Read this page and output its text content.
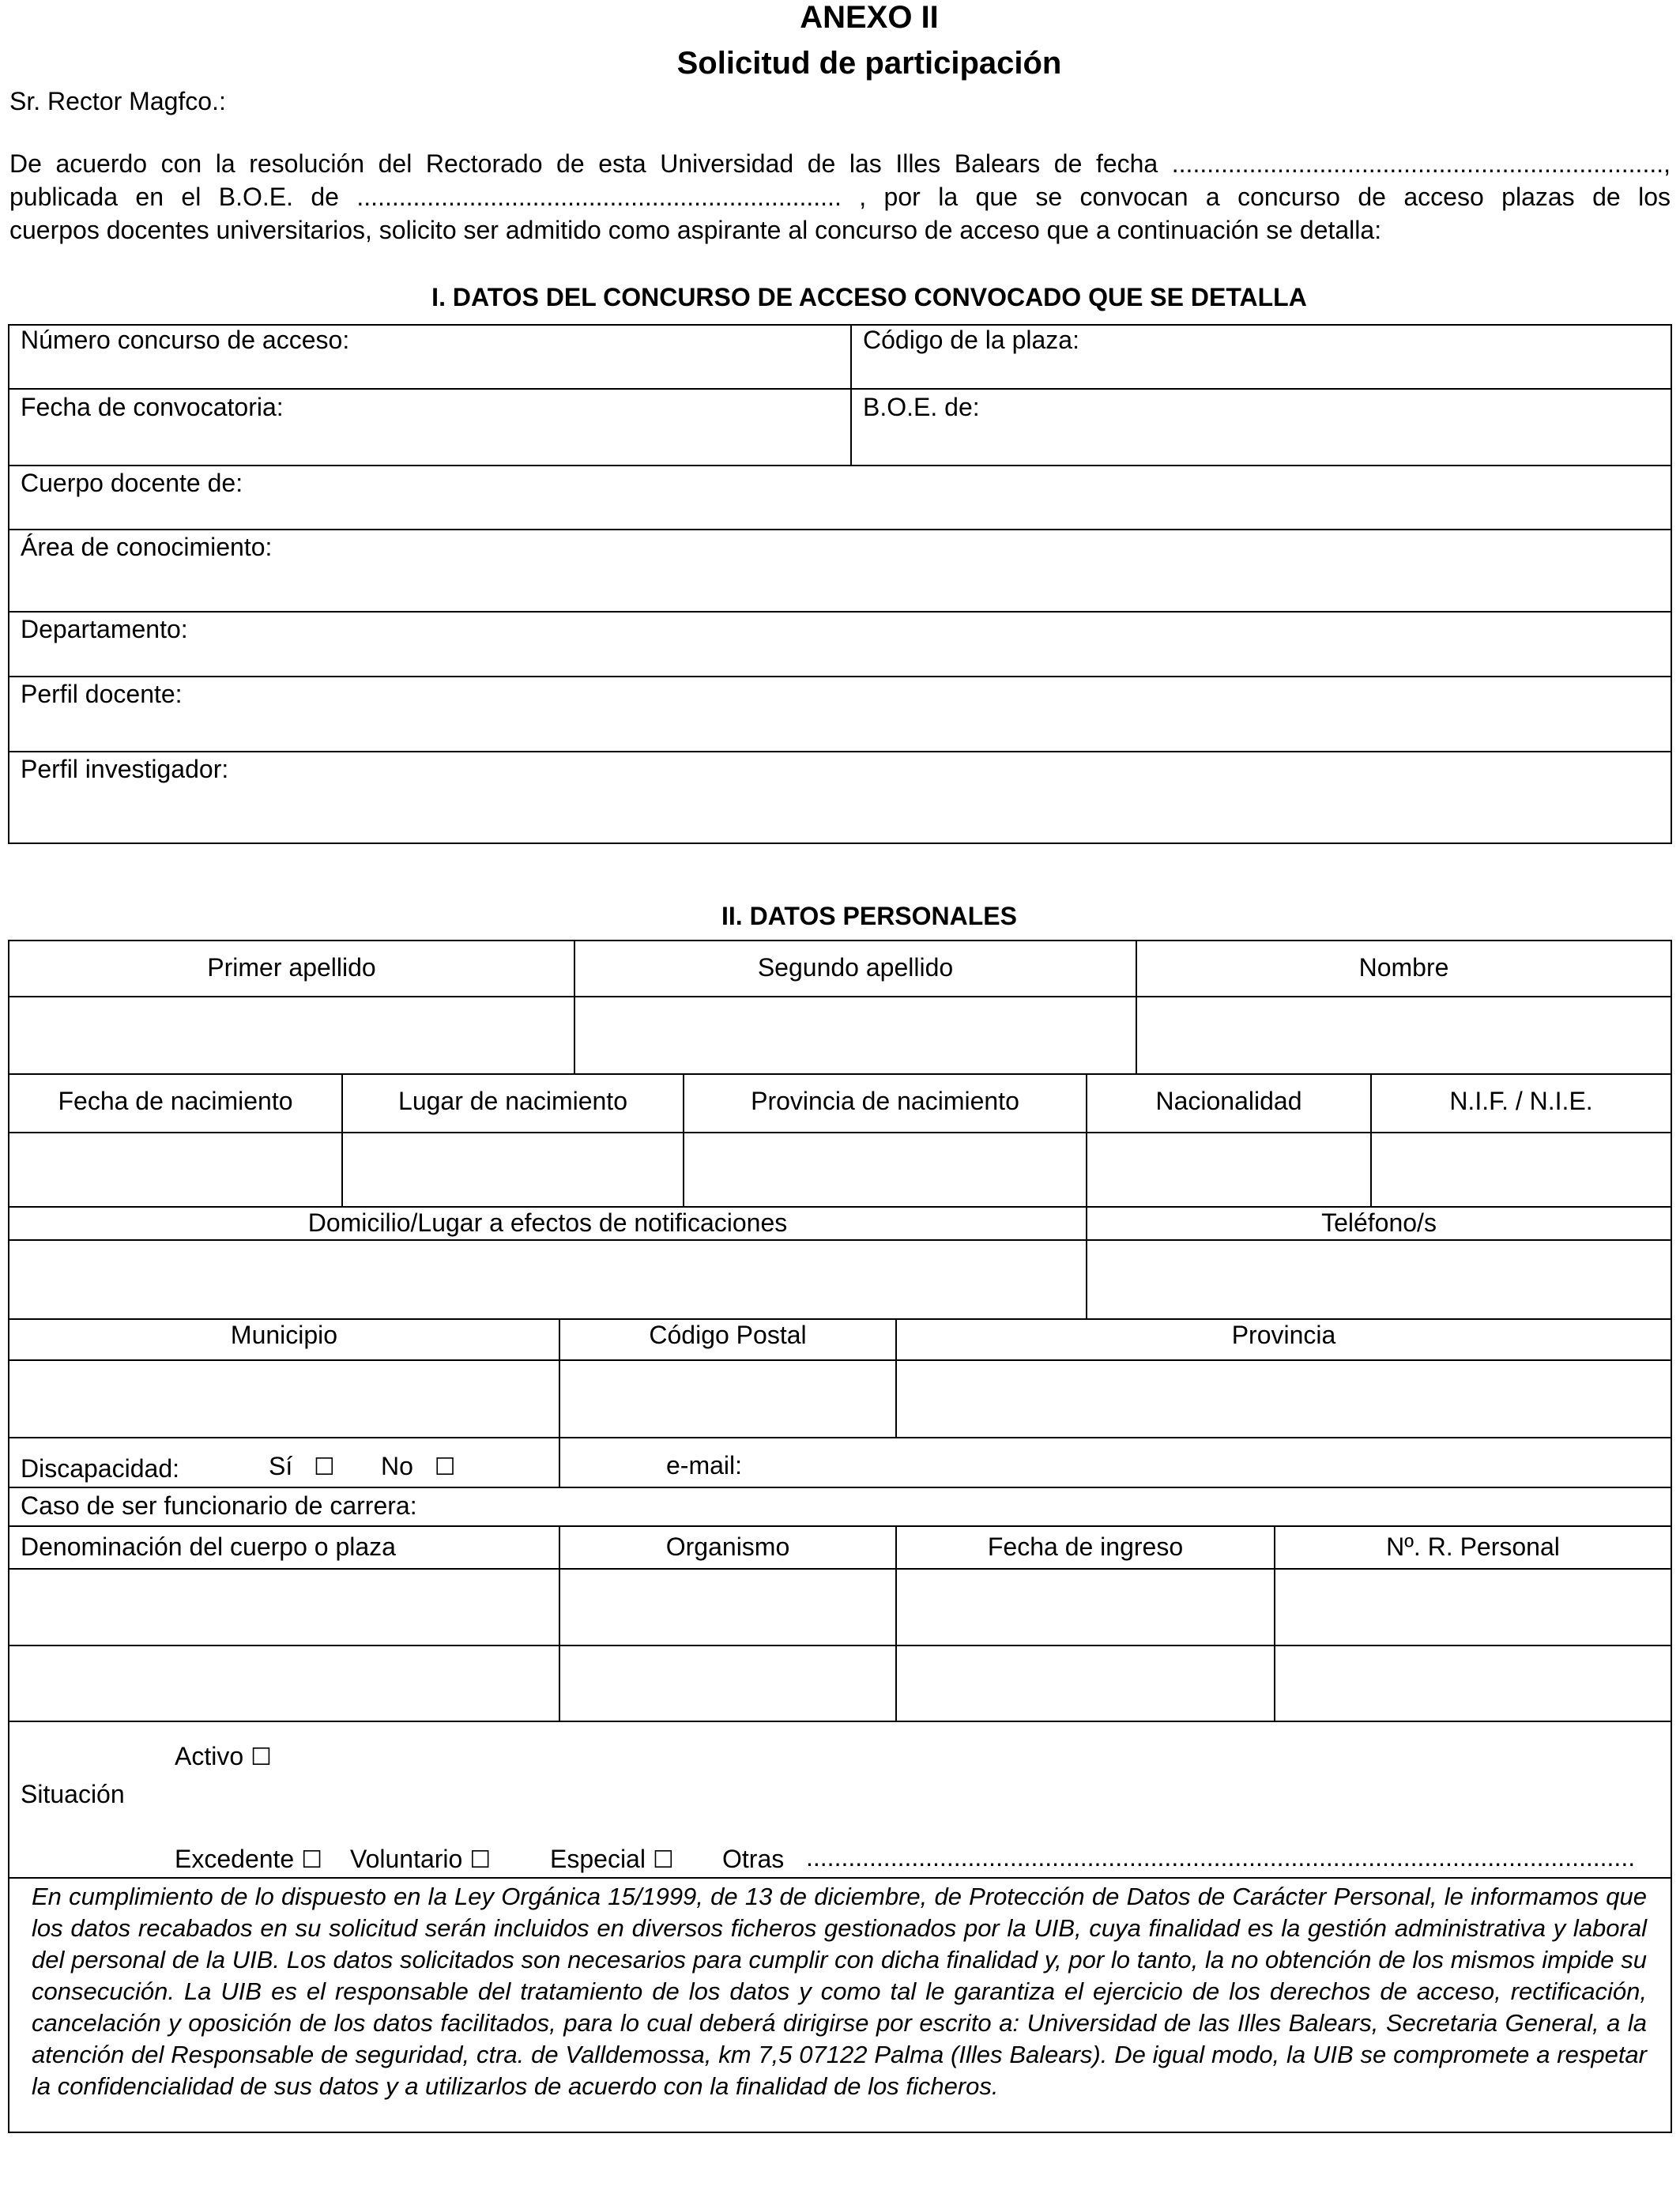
ANEXO II
Solicitud de participación
Sr. Rector Magfco.:
De acuerdo con la resolución del Rectorado de esta Universidad de las Illes Balears de fecha ......................................................................,
publicada en el B.O.E. de ..................................................................... , por la que se convocan a concurso de acceso plazas de los
cuerpos docentes universitarios, solicito ser admitido como aspirante al concurso de acceso que a continuación se detalla:
I. DATOS DEL CONCURSO DE ACCESO CONVOCADO QUE SE DETALLA
Número concurso de acceso:	Código de la plaza:
Fecha de convocatoria:	B.O.E. de:
Cuerpo docente de:
Área de conocimiento:
Departamento:
Perfil docente:
Perfil investigador:
II. DATOS PERSONALES
Primer apellido	Segundo apellido	Nombre
Fecha de nacimiento	Lugar de nacimiento	Provincia de nacimiento	Nacionalidad	N.I.F. / N.I.E.
Domicilio/Lugar a efectos de notificaciones	Teléfono/s
Municipio	Código Postal	Provincia
Discapacidad:	Sí ☐ No ☐	e-mail:
Caso de ser funcionario de carrera:
Denominación del cuerpo o plaza	Organismo	Fecha de ingreso	Nº. R. Personal
Situación
Activo ☐
Excedente ☐ Voluntario ☐ Especial ☐ Otras ......................................................................................................................
En cumplimiento de lo dispuesto en la Ley Orgánica 15/1999, de 13 de diciembre, de Protección de Datos de Carácter Personal, le informamos que los datos recabados en su solicitud serán incluidos en diversos ficheros gestionados por la UIB, cuya finalidad es la gestión administrativa y laboral del personal de la UIB. Los datos solicitados son necesarios para cumplir con dicha finalidad y, por lo tanto, la no obtención de los mismos impide su consecución. La UIB es el responsable del tratamiento de los datos y como tal le garantiza el ejercicio de los derechos de acceso, rectificación, cancelación y oposición de los datos facilitados, para lo cual deberá dirigirse por escrito a: Universidad de las Illes Balears, Secretaria General, a la atención del Responsable de seguridad, ctra. de Valldemossa, km 7,5 07122 Palma (Illes Balears). De igual modo, la UIB se compromete a respetar la confidencialidad de sus datos y a utilizarlos de acuerdo con la finalidad de los ficheros.
